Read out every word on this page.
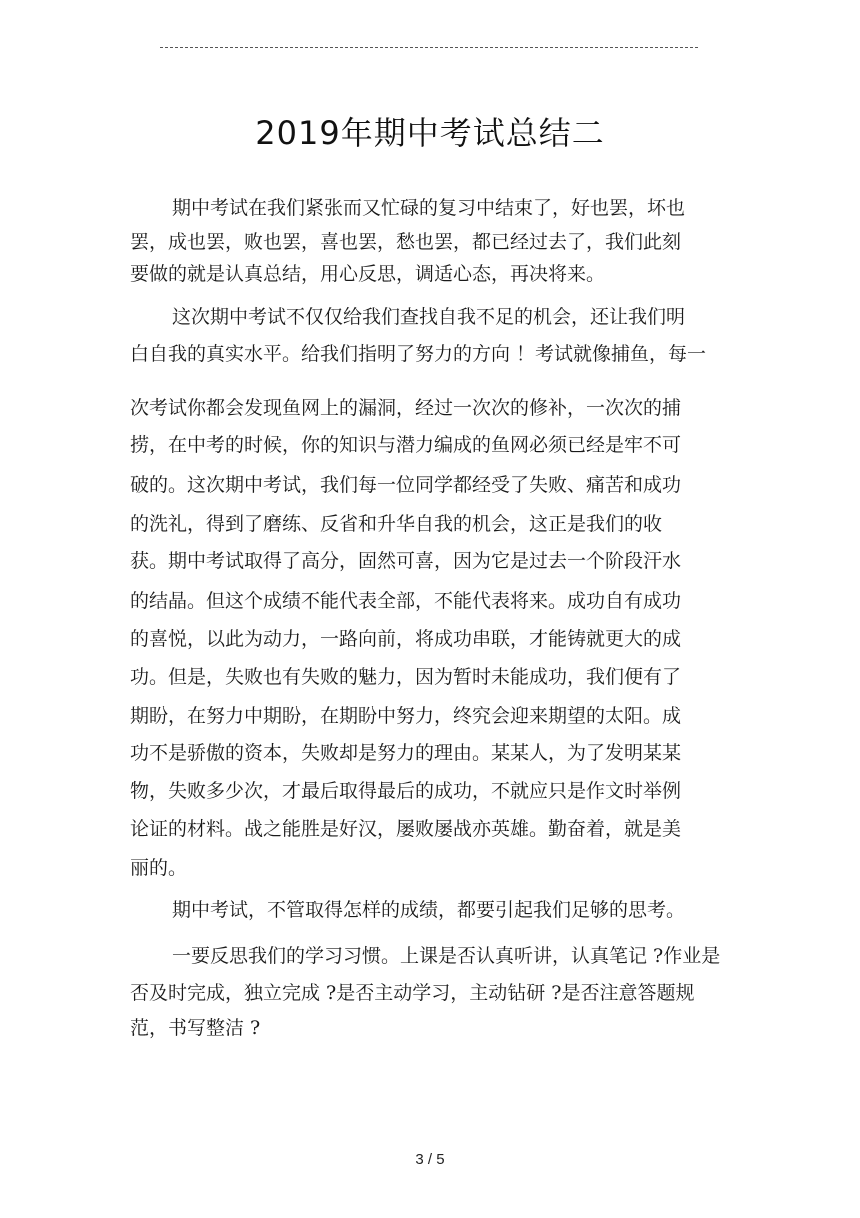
2019年期中考试总结二
期中考试在我们紧张而又忙碌的复习中结束了，好也罢，坏也
罢，成也罢，败也罢，喜也罢，愁也罢，都已经过去了，我们此刻
要做的就是认真总结，用心反思，调适心态，再决将来。
这次期中考试不仅仅给我们查找自我不足的机会，还让我们明
白自我的真实水平。给我们指明了努力的方向 ！考试就像捕鱼，每一
次考试你都会发现鱼网上的漏洞，经过一次次的修补，一次次的捕
捞，在中考的时候，你的知识与潜力编成的鱼网必须已经是牢不可
破的。这次期中考试，我们每一位同学都经受了失败、痛苦和成功
的洗礼，得到了磨练、反省和升华自我的机会，这正是我们的收
获。期中考试取得了高分，固然可喜，因为它是过去一个阶段汗水
的结晶。但这个成绩不能代表全部，不能代表将来。成功自有成功
的喜悦，以此为动力，一路向前，将成功串联，才能铸就更大的成
功。但是，失败也有失败的魅力，因为暂时未能成功，我们便有了
期盼，在努力中期盼，在期盼中努力，终究会迎来期望的太阳。成
功不是骄傲的资本，失败却是努力的理由。某某人，为了发明某某
物，失败多少次，才最后取得最后的成功，不就应只是作文时举例
论证的材料。战之能胜是好汉，屡败屡战亦英雄。勤奋着，就是美
丽的。
期中考试，不管取得怎样的成绩，都要引起我们足够的思考。
一要反思我们的学习习惯。上课是否认真听讲，认真笔记 ?作业是
否及时完成，独立完成 ?是否主动学习，主动钻研 ?是否注意答题规
范，书写整洁 ?
3 / 5
